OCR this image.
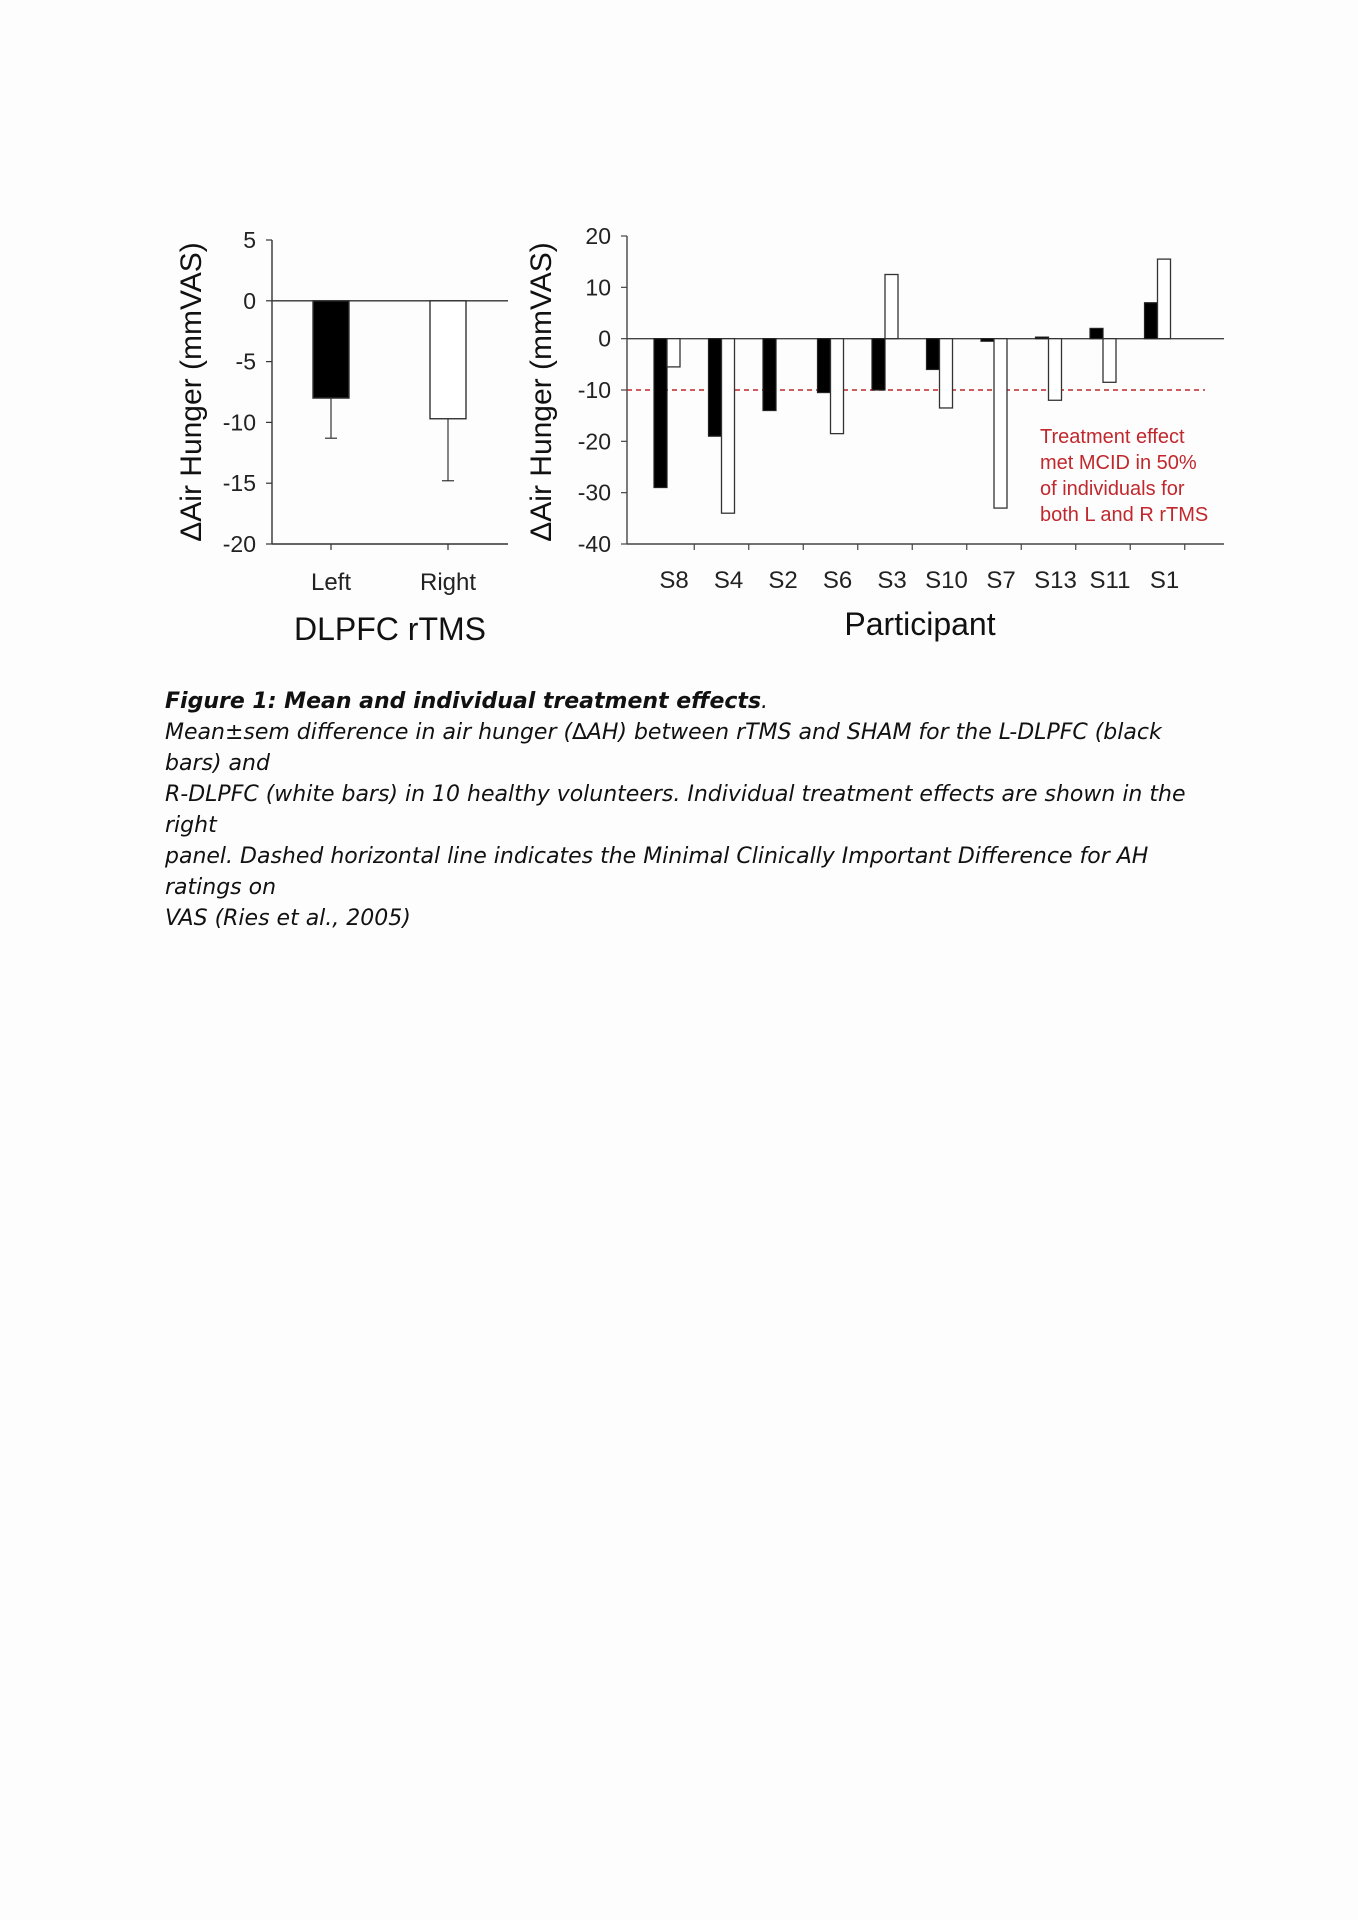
5
0
-5
-10
-15
-20
Left	Right
DLPFC rTMS
ΔAir Hunger (mmVAS)
20
10
0
-10
-20
-30
-40
S8 S4 S2 S6 S3 S10 S7 S13 S11 S1
Participant
ΔAir Hunger (mmVAS)	Treatment effect
met MCID in 50%
of individuals for
both L and R rTMS

Figure 1: Mean and individual treatment effects.

Mean±sem difference in air hunger (∆AH) between rTMS and SHAM for the L-DLPFC (black bars) and

R-DLPFC (white bars) in 10 healthy volunteers. Individual treatment effects are shown in the right

panel. Dashed horizontal line indicates the Minimal Clinically Important Difference for AH ratings on

VAS (Ries et al., 2005)
